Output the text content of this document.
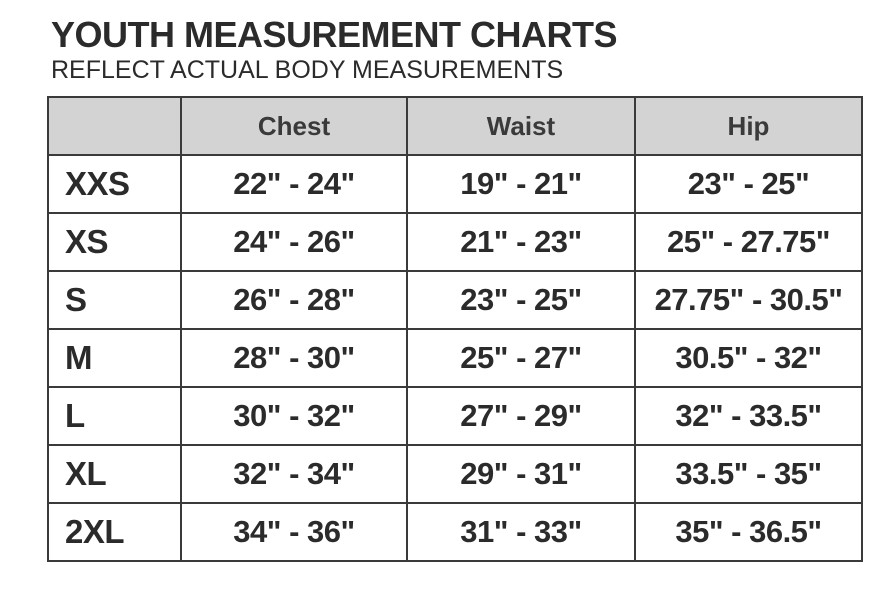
YOUTH MEASUREMENT CHARTS
REFLECT ACTUAL BODY MEASUREMENTS
	Chest	Waist	Hip
XXS	22" - 24"	19" - 21"	23" - 25"
XS	24" - 26"	21" - 23"	25" - 27.75"
S	26" - 28"	23" - 25"	27.75" - 30.5"
M	28" - 30"	25" - 27"	30.5" - 32"
L	30" - 32"	27" - 29"	32" - 33.5"
XL	32" - 34"	29" - 31"	33.5" - 35"
2XL	34" - 36"	31" - 33"	35" - 36.5"
